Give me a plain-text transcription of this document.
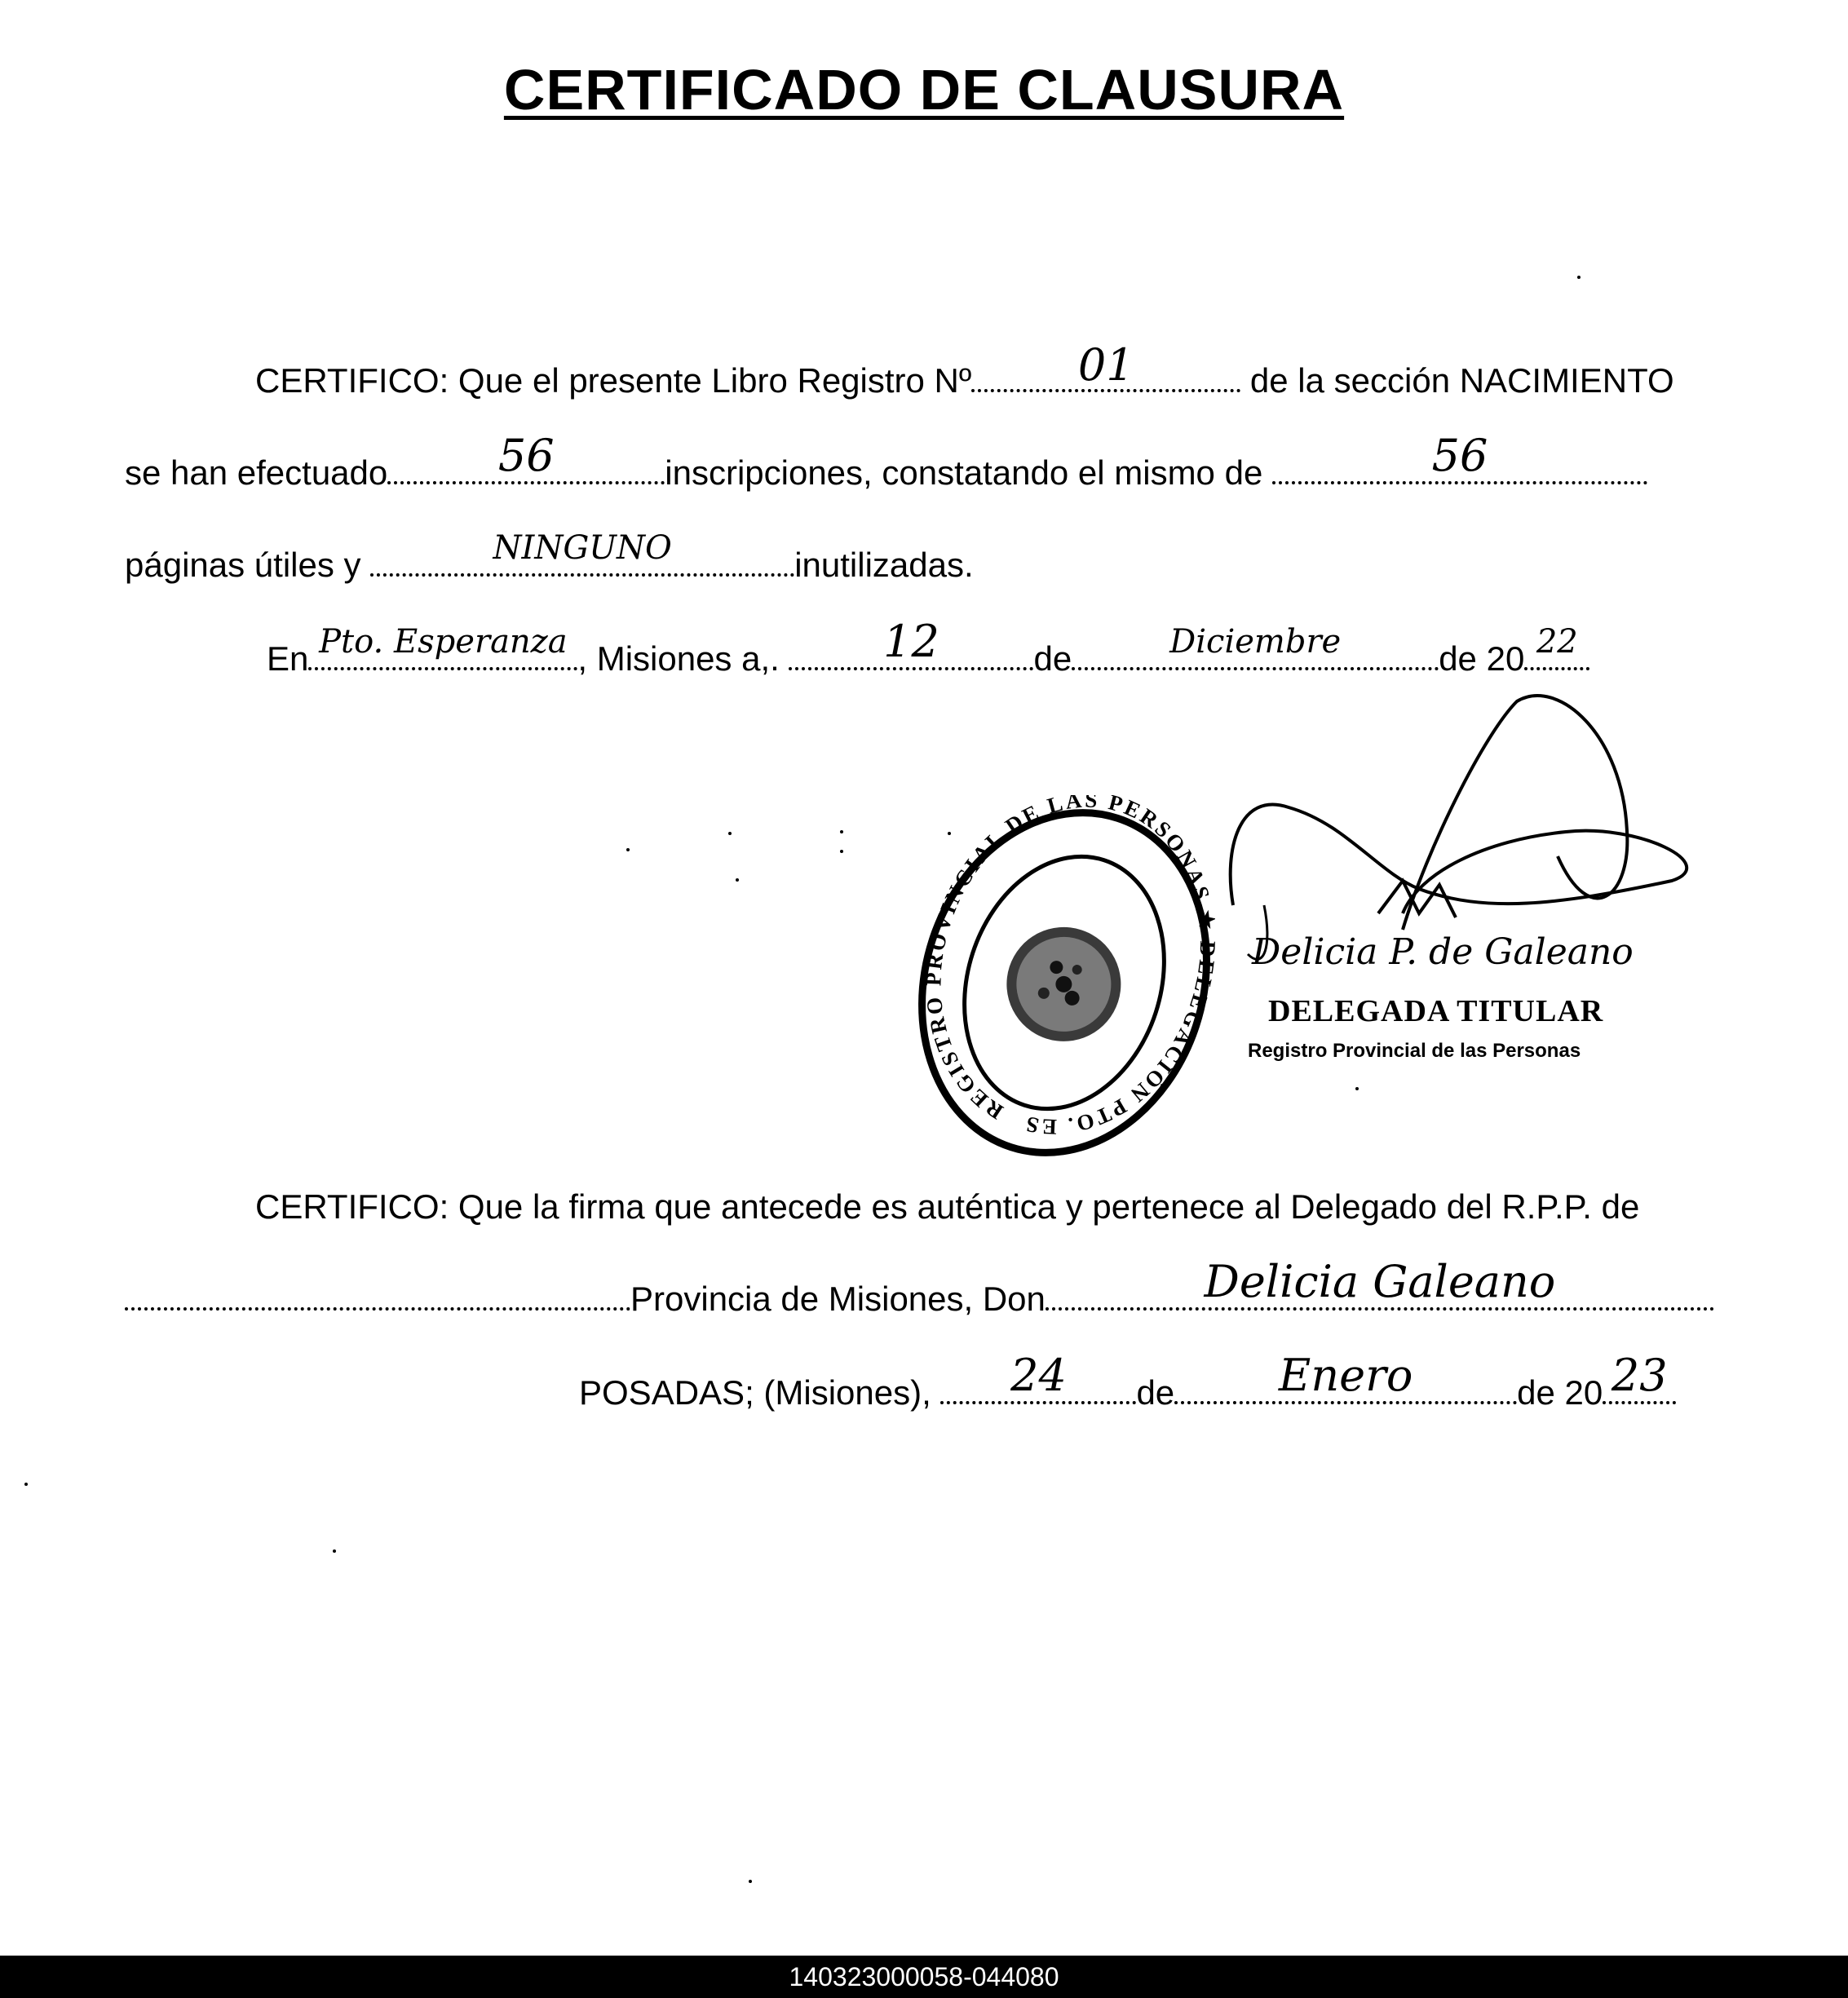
CERTIFICADO DE CLAUSURA
CERTIFICO: Que el presente Libro Registro Nº	01	de la sección NACIMIENTO
se han efectuado	56	inscripciones, constatando el mismo de	56
páginas útiles y	NINGUNO	inutilizadas.
En Pto. Esperanza , Misiones a,.	12	de	Diciembre	de 20 22
REGISTRO PROVINCIAL DE LAS PERSONAS ★ DELEGACIÓN PTO. ESPERANZA
Delicia P. de Galeano
DELEGADA TITULAR
Registro Provincial de las Personas
CERTIFICO: Que la firma que antecede es auténtica y pertenece al Delegado del R.P.P. de
Provincia de Misiones, Don	Delicia Galeano
POSADAS; (Misiones),	24	de	Enero	de 20 23
140323000058-044080
